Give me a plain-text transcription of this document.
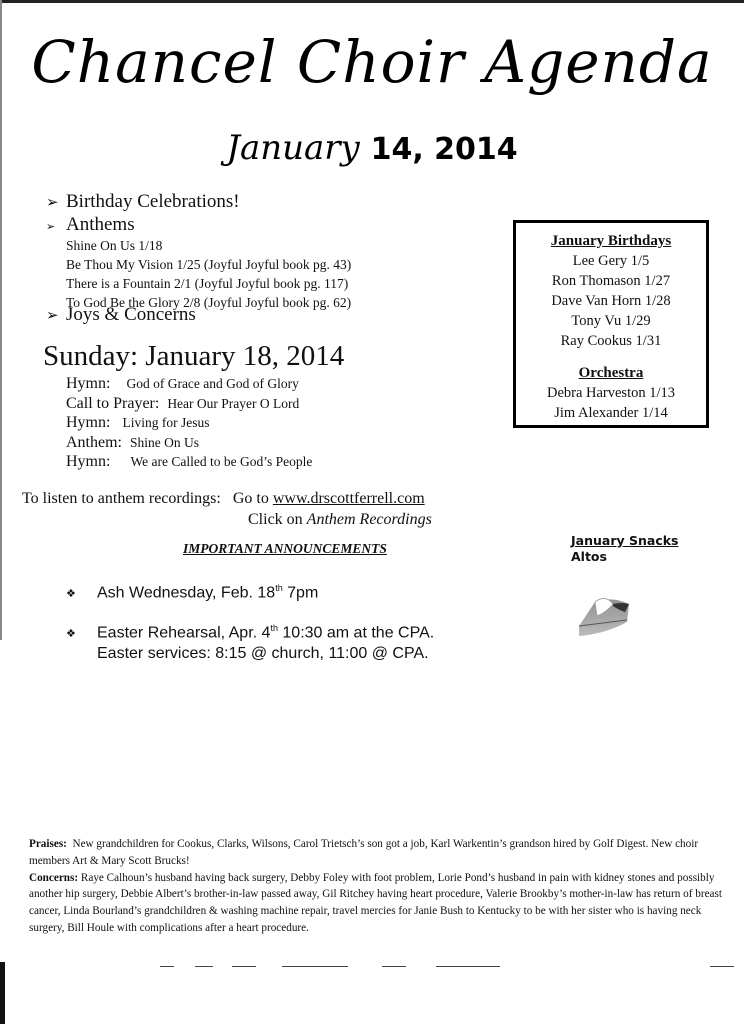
Chancel Choir Agenda
January 14, 2014
➢ Birthday Celebrations!
➢ Anthems
Shine On Us 1/18
Be Thou My Vision 1/25 (Joyful Joyful book pg. 43)
There is a Fountain 2/1 (Joyful Joyful book pg. 117)
To God Be the Glory 2/8 (Joyful Joyful book pg. 62)
➢ Joys & Concerns
Sunday: January 18, 2014
Hymn: God of Grace and God of Glory
Call to Prayer: Hear Our Prayer O Lord
Hymn: Living for Jesus
Anthem: Shine On Us
Hymn: We are Called to be God’s People
To listen to anthem recordings: Go to www.drscottferrell.com
Click on Anthem Recordings
IMPORTANT ANNOUNCEMENTS
❖ Ash Wednesday, Feb. 18th 7pm
❖ Easter Rehearsal, Apr. 4th 10:30 am at the CPA.
Easter services: 8:15 @ church, 11:00 @ CPA.
January Birthdays
Lee Gery 1/5
Ron Thomason 1/27
Dave Van Horn 1/28
Tony Vu 1/29
Ray Cookus 1/31
Orchestra
Debra Harveston 1/13
Jim Alexander 1/14
January Snacks
Altos
Praises: New grandchildren for Cookus, Clarks, Wilsons, Carol Trietsch’s son got a job, Karl Warkentin’s grandson hired by Golf Digest. New choir members Art & Mary Scott Brucks!
Concerns: Raye Calhoun’s husband having back surgery, Debby Foley with foot problem, Lorie Pond’s husband in pain with kidney stones and possibly another hip surgery, Debbie Albert’s brother-in-law passed away, Gil Ritchey having heart procedure, Valerie Brookby’s mother-in-law has return of breast cancer, Linda Bourland’s grandchildren & washing machine repair, travel mercies for Janie Bush to Kentucky to be with her sister who is having neck surgery, Bill Houle with complications after a heart procedure.
